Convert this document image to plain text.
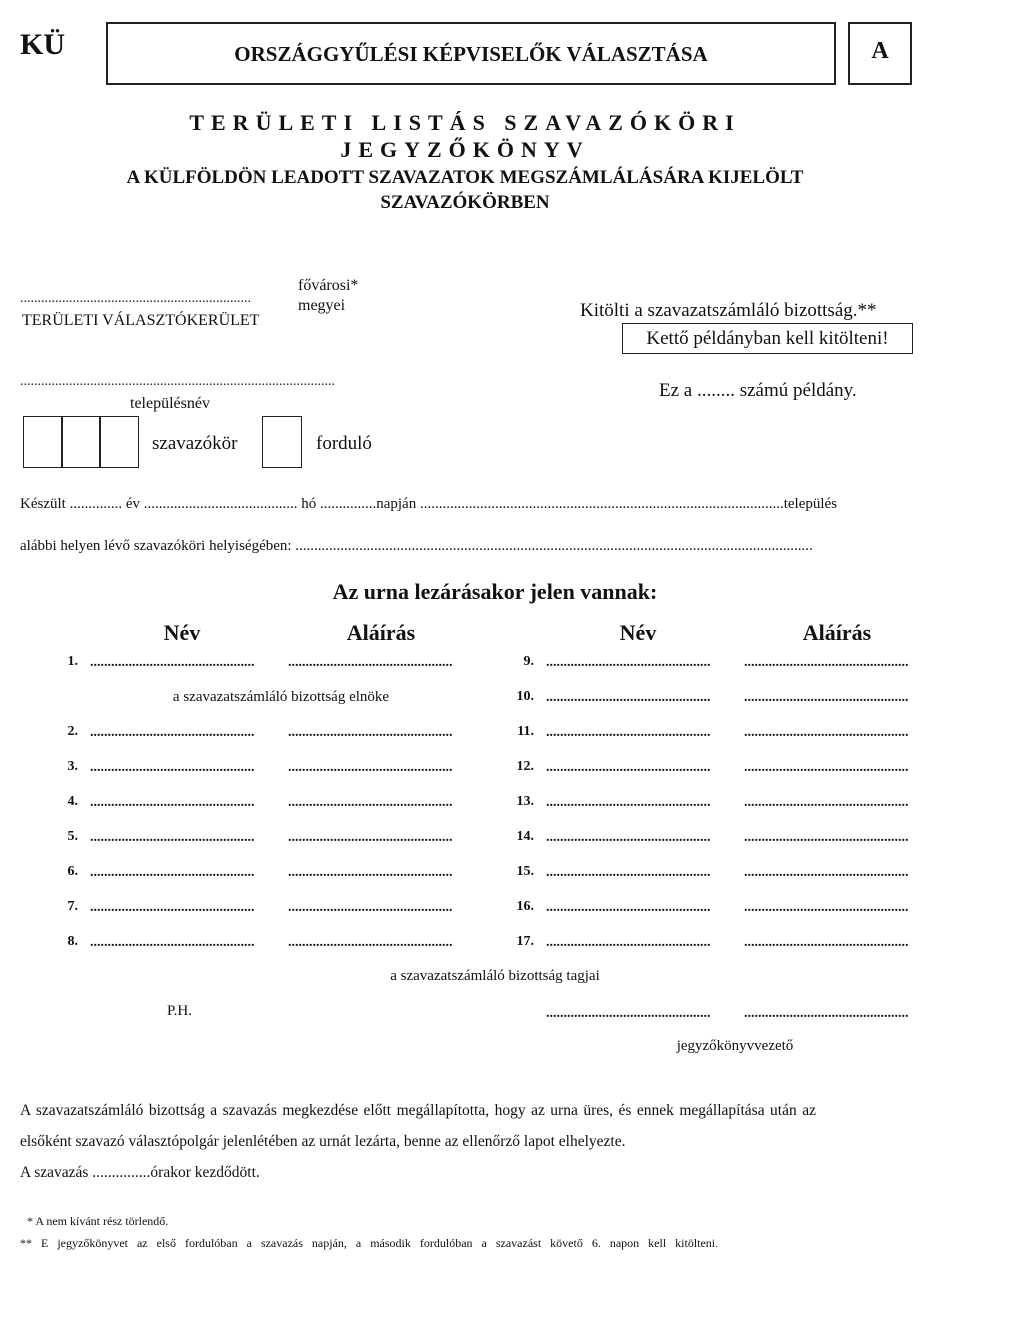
KÜ	ORSZÁGGYŰLÉSI KÉPVISELŐK VÁLASZTÁSA	A
TERÜLETI LISTÁS SZAVAZÓKÖRI
JEGYZŐKÖNYV
A KÜLFÖLDÖN LEADOTT SZAVAZATOK MEGSZÁMLÁLÁSÁRA KIJELÖLT
SZAVAZÓKÖRBEN
..................................................................
TERÜLETI VÁLASZTÓKERÜLET
fővárosi*
megyei	Kitölti a szavazatszámláló bizottság.**
Kettő példányban kell kitölteni!
Ez a ........ számú példány.
..........................................................................................
településnév
szavazókör	forduló
Készült .............. év ......................................... hó ...............napján .................................................................................................település
alábbi helyen lévő szavazóköri helyiségében: ..........................................................................................................................................
Az urna lezárásakor jelen vannak:
Név	Aláírás	Név	Aláírás
1. ...............................................	...............................................
2. ...............................................	...............................................
3. ...............................................	...............................................
4. ...............................................	...............................................
5. ...............................................	...............................................
6. ...............................................	...............................................
7. ...............................................	...............................................
8. ...............................................	...............................................
9. ...............................................	...............................................
10. ...............................................	...............................................
11. ...............................................	...............................................
12. ...............................................	...............................................
13. ...............................................	...............................................
14. ...............................................	...............................................
15. ...............................................	...............................................
16. ...............................................	...............................................
17. ...............................................	...............................................
a szavazatszámláló bizottság elnöke
a szavazatszámláló bizottság tagjai
P.H.	...............................................	...............................................
jegyzőkönyvvezető
A szavazatszámláló bizottság a szavazás megkezdése előtt megállapította, hogy az urna üres, és ennek megállapítása után az
elsőként szavazó választópolgár jelenlétében az urnát lezárta, benne az ellenőrző lapot elhelyezte.
A szavazás ...............órakor kezdődött.
* A nem kívánt rész törlendő.
**   E   jegyzőkönyvet   az   első   fordulóban   a   szavazás   napján,   a   második   fordulóban   a   szavazást   követő   6.   napon   kell   kitölteni.
